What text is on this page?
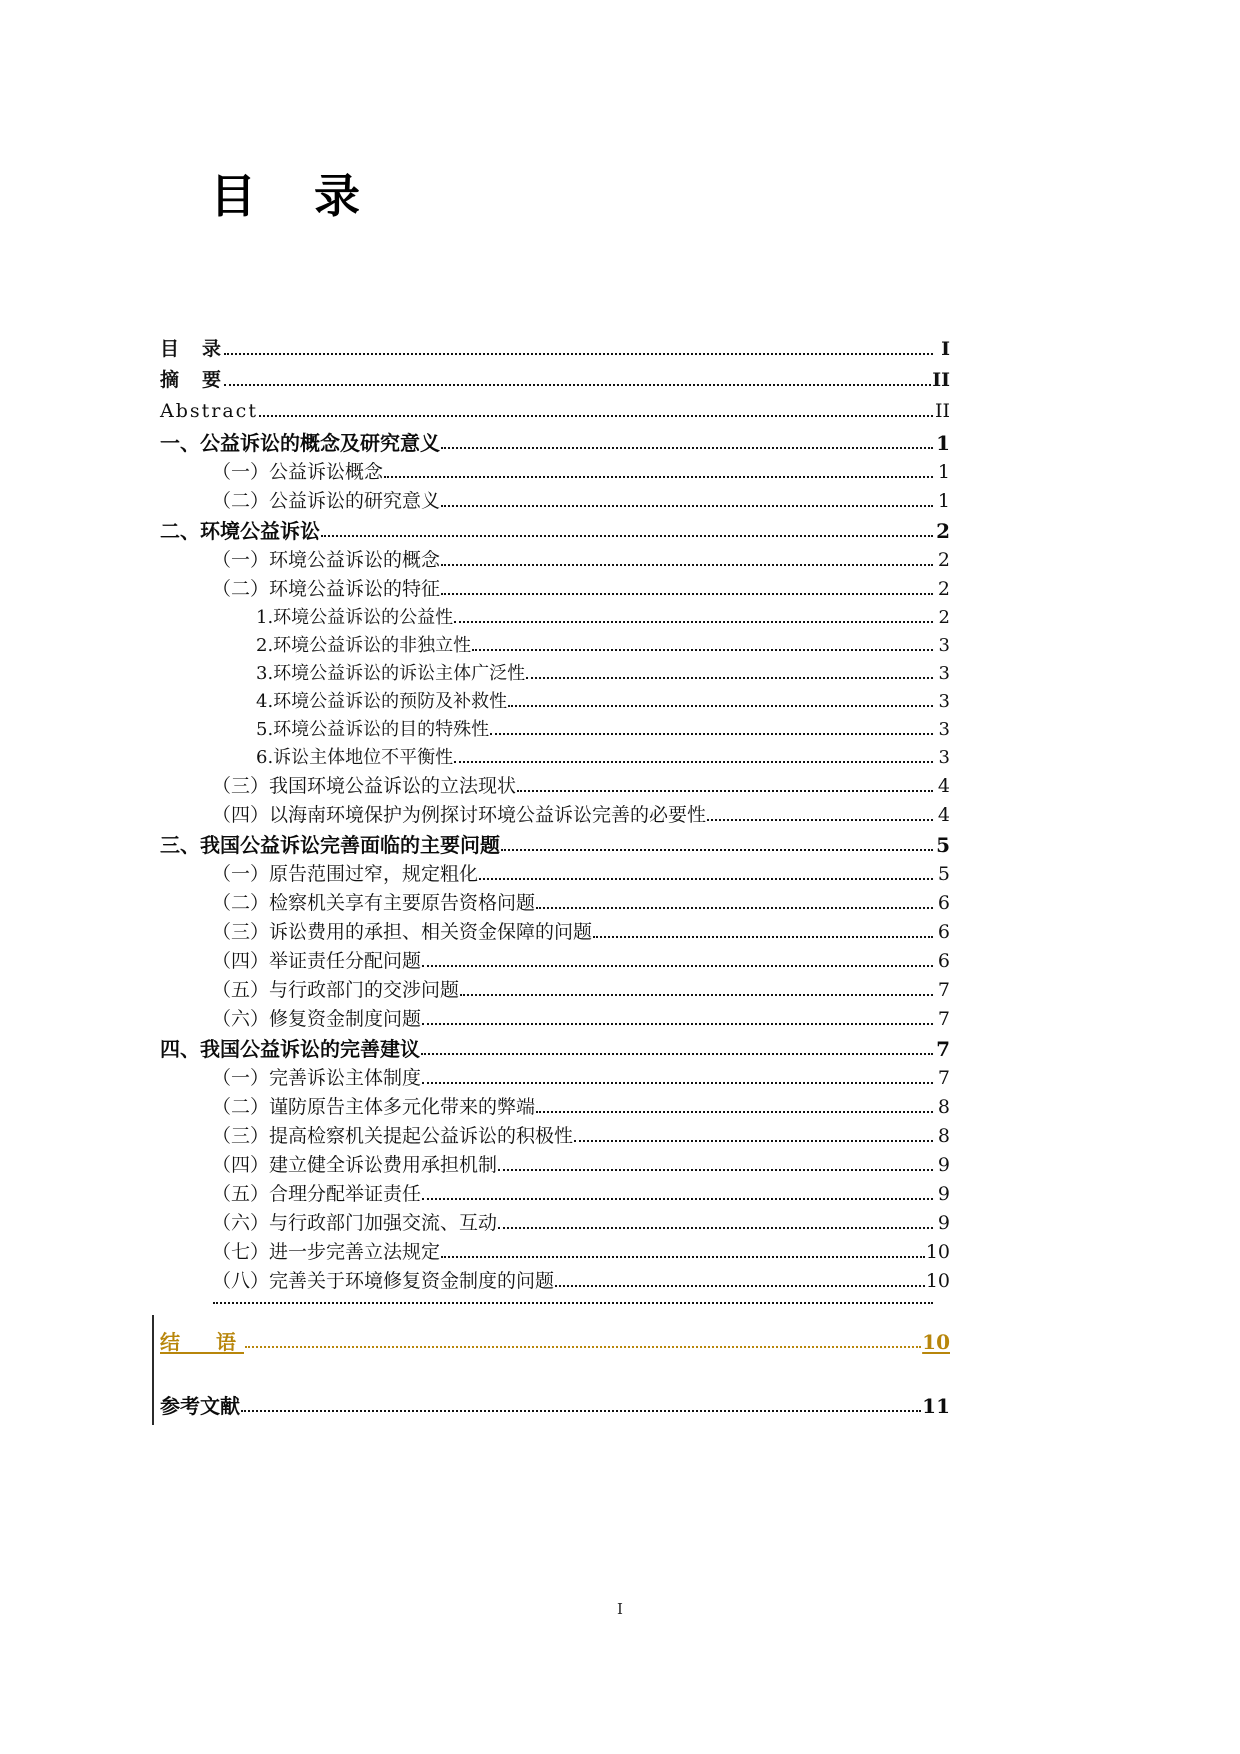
目　录
目　录	I
摘　要	II
Abstract	II
一、公益诉讼的概念及研究意义	1
（一）公益诉讼概念	1
（二）公益诉讼的研究意义	1
二、环境公益诉讼	2
（一）环境公益诉讼的概念	2
（二）环境公益诉讼的特征	2
1.环境公益诉讼的公益性	2
2.环境公益诉讼的非独立性	3
3.环境公益诉讼的诉讼主体广泛性	3
4.环境公益诉讼的预防及补救性	3
5.环境公益诉讼的目的特殊性	3
6.诉讼主体地位不平衡性	3
（三）我国环境公益诉讼的立法现状	4
（四）以海南环境保护为例探讨环境公益诉讼完善的必要性	4
三、我国公益诉讼完善面临的主要问题	5
（一）原告范围过窄，规定粗化	5
（二）检察机关享有主要原告资格问题	6
（三）诉讼费用的承担、相关资金保障的问题	6
（四）举证责任分配问题	6
（五）与行政部门的交涉问题	7
（六）修复资金制度问题	7
四、我国公益诉讼的完善建议	7
（一）完善诉讼主体制度	7
（二）谨防原告主体多元化带来的弊端	8
（三）提高检察机关提起公益诉讼的积极性	8
（四）建立健全诉讼费用承担机制	9
（五）合理分配举证责任	9
（六）与行政部门加强交流、互动	9
（七）进一步完善立法规定	10
（八）完善关于环境修复资金制度的问题	10
结　语	10
参考文献	11
I
